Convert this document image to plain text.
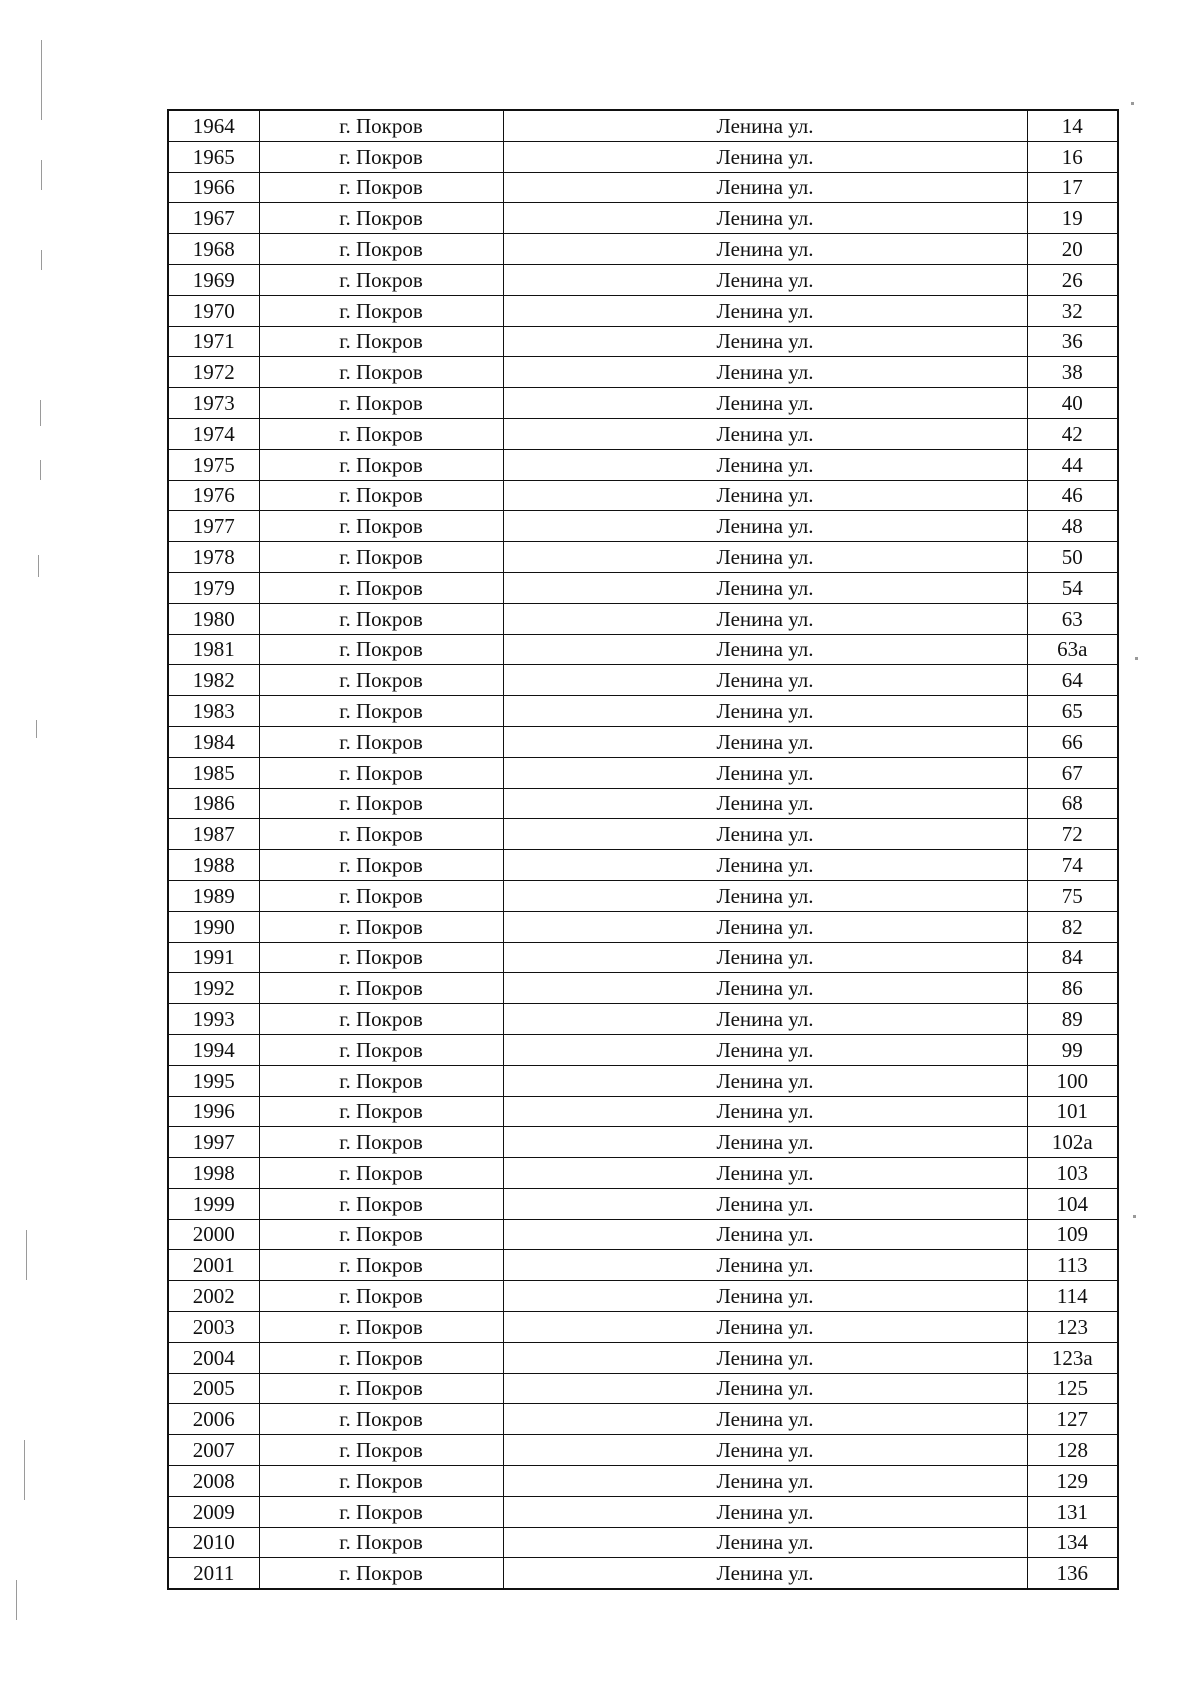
1964	г. Покров	Ленина ул.	14
1965	г. Покров	Ленина ул.	16
1966	г. Покров	Ленина ул.	17
1967	г. Покров	Ленина ул.	19
1968	г. Покров	Ленина ул.	20
1969	г. Покров	Ленина ул.	26
1970	г. Покров	Ленина ул.	32
1971	г. Покров	Ленина ул.	36
1972	г. Покров	Ленина ул.	38
1973	г. Покров	Ленина ул.	40
1974	г. Покров	Ленина ул.	42
1975	г. Покров	Ленина ул.	44
1976	г. Покров	Ленина ул.	46
1977	г. Покров	Ленина ул.	48
1978	г. Покров	Ленина ул.	50
1979	г. Покров	Ленина ул.	54
1980	г. Покров	Ленина ул.	63
1981	г. Покров	Ленина ул.	63а
1982	г. Покров	Ленина ул.	64
1983	г. Покров	Ленина ул.	65
1984	г. Покров	Ленина ул.	66
1985	г. Покров	Ленина ул.	67
1986	г. Покров	Ленина ул.	68
1987	г. Покров	Ленина ул.	72
1988	г. Покров	Ленина ул.	74
1989	г. Покров	Ленина ул.	75
1990	г. Покров	Ленина ул.	82
1991	г. Покров	Ленина ул.	84
1992	г. Покров	Ленина ул.	86
1993	г. Покров	Ленина ул.	89
1994	г. Покров	Ленина ул.	99
1995	г. Покров	Ленина ул.	100
1996	г. Покров	Ленина ул.	101
1997	г. Покров	Ленина ул.	102а
1998	г. Покров	Ленина ул.	103
1999	г. Покров	Ленина ул.	104
2000	г. Покров	Ленина ул.	109
2001	г. Покров	Ленина ул.	113
2002	г. Покров	Ленина ул.	114
2003	г. Покров	Ленина ул.	123
2004	г. Покров	Ленина ул.	123а
2005	г. Покров	Ленина ул.	125
2006	г. Покров	Ленина ул.	127
2007	г. Покров	Ленина ул.	128
2008	г. Покров	Ленина ул.	129
2009	г. Покров	Ленина ул.	131
2010	г. Покров	Ленина ул.	134
2011	г. Покров	Ленина ул.	136
